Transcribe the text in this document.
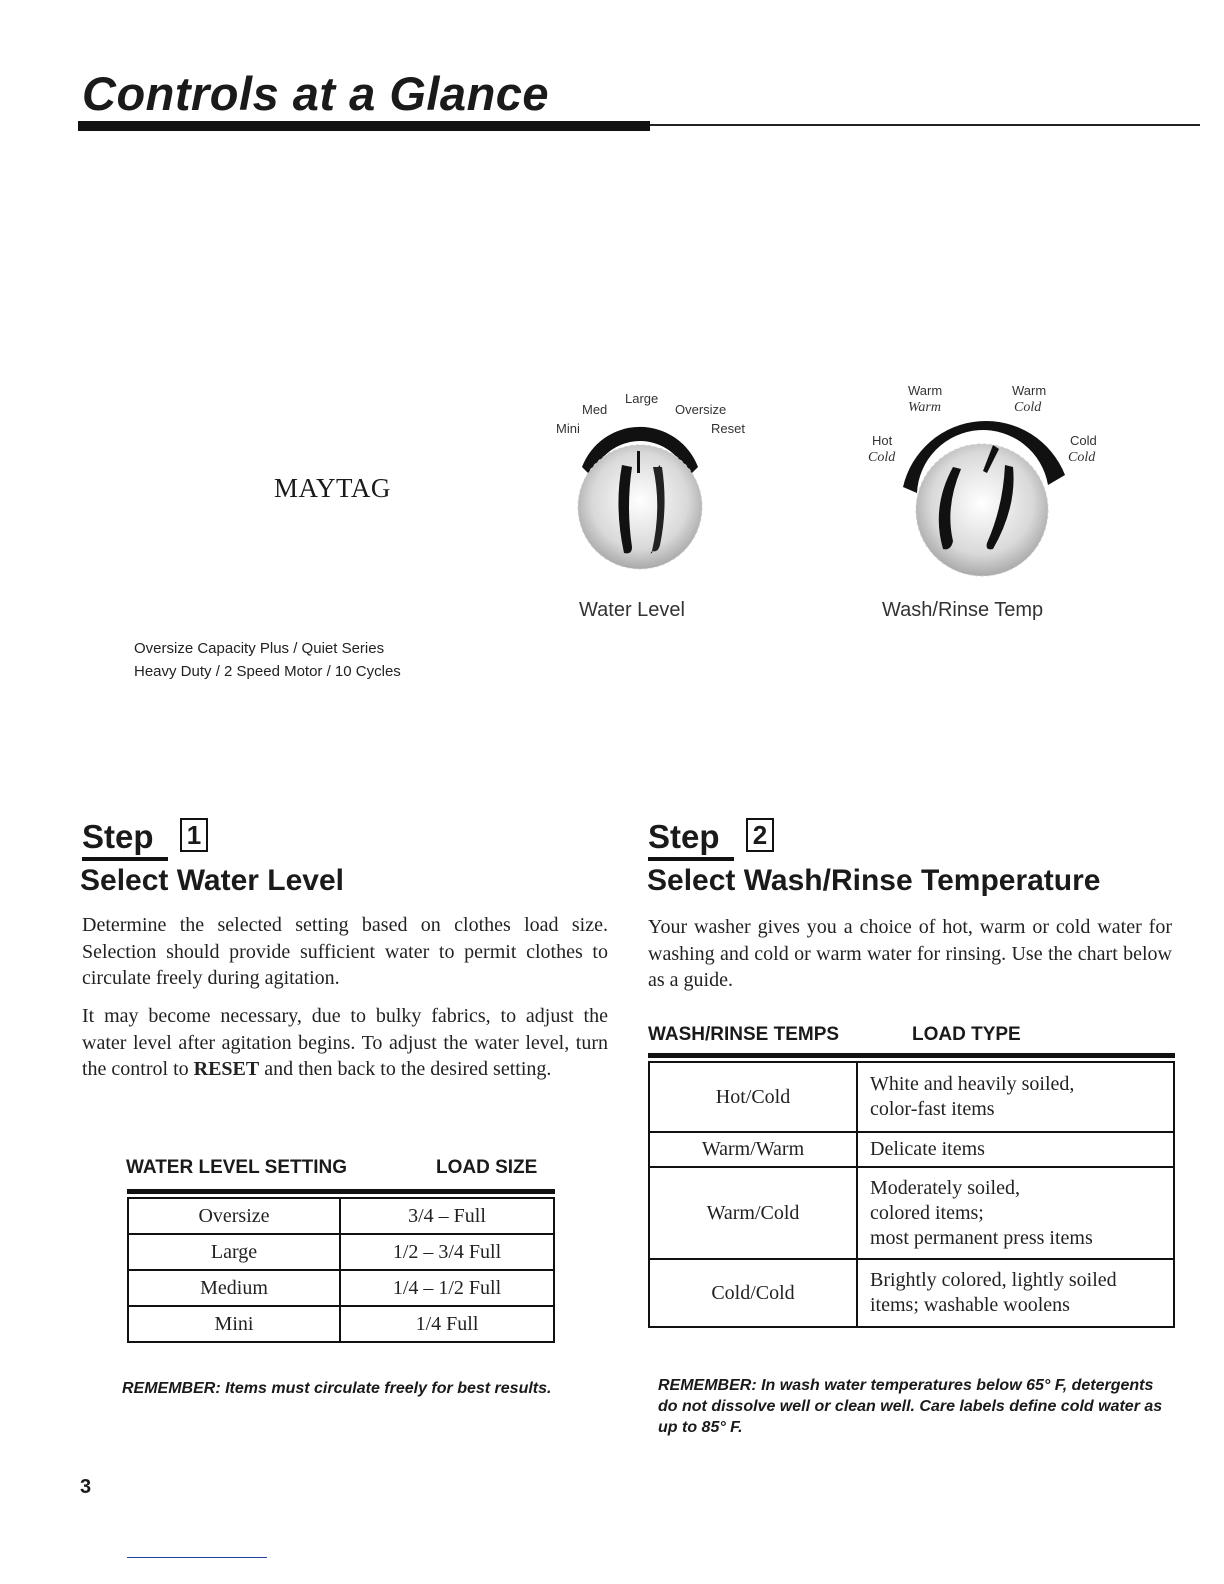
Controls at a Glance
MAYTAG
Oversize Capacity Plus / Quiet Series
Heavy Duty / 2 Speed Motor / 10 Cycles
Mini
Med
Large
Oversize
Reset
Water Level
Hot
Cold
Warm
Warm
Warm
Cold
Cold
Cold
Wash/Rinse Temp
Step 1
Select Water Level
Determine the selected setting based on clothes load size. Selection should provide sufficient water to permit clothes to circulate freely during agitation.
It may become necessary, due to bulky fabrics, to adjust the water level after agitation begins. To adjust the water level, turn the control to RESET and then back to the desired setting.
WATER LEVEL SETTING	LOAD SIZE
Oversize	3/4 – Full
Large	1/2 – 3/4 Full
Medium	1/4 – 1/2 Full
Mini	1/4 Full
REMEMBER: Items must circulate freely for best results.
Step 2
Select Wash/Rinse Temperature
Your washer gives you a choice of hot, warm or cold water for washing and cold or warm water for rinsing. Use the chart below as a guide.
WASH/RINSE TEMPS	LOAD TYPE
Hot/Cold	White and heavily soiled,
color-fast items
Warm/Warm	Delicate items
Warm/Cold	Moderately soiled,
colored items;
most permanent press items
Cold/Cold	Brightly colored, lightly soiled
items; washable woolens
REMEMBER: In wash water temperatures below 65° F, detergents do not dissolve well or clean well. Care labels define cold water as up to 85° F.
3
